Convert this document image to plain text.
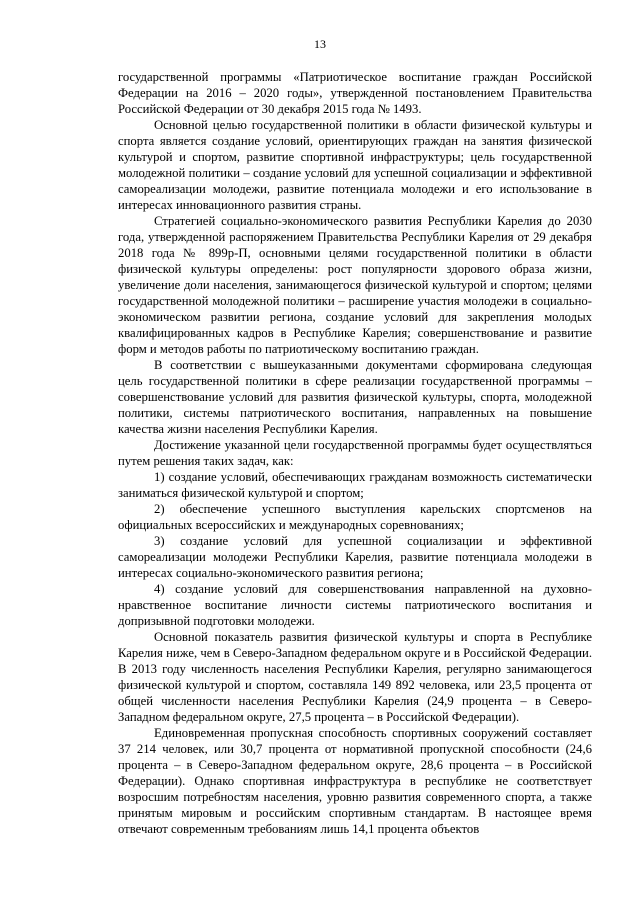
13

государственной программы «Патриотическое воспитание граждан Российской Федерации на 2016 – 2020 годы», утвержденной постановлением Правительства Российской Федерации от 30 декабря 2015 года № 1493.

Основной целью государственной политики в области физической культуры и спорта является создание условий, ориентирующих граждан на занятия физической культурой и спортом, развитие спортивной инфраструктуры; цель государственной молодежной политики – создание условий для успешной социализации и эффективной самореализации молодежи, развитие потенциала молодежи и его использование в интересах инновационного развития страны.

Стратегией социально-экономического развития Республики Карелия до 2030 года, утвержденной распоряжением Правительства Республики Карелия от 29 декабря 2018 года № 899р-П, основными целями государственной политики в области физической культуры определены: рост популярности здорового образа жизни, увеличение доли населения, занимающегося физической культурой и спортом; целями государственной молодежной политики – расширение участия молодежи в социально-экономическом развитии региона, создание условий для закрепления молодых квалифицированных кадров в Республике Карелия; совершенствование и развитие форм и методов работы по патриотическому воспитанию граждан.

В соответствии с вышеуказанными документами сформирована следующая цель государственной политики в сфере реализации государственной программы – совершенствование условий для развития физической культуры, спорта, молодежной политики, системы патриотического воспитания, направленных на повышение качества жизни населения Республики Карелия.

Достижение указанной цели государственной программы будет осуществляться путем решения таких задач, как:

1) создание условий, обеспечивающих гражданам возможность систематически заниматься физической культурой и спортом;

2) обеспечение успешного выступления карельских спортсменов на официальных всероссийских и международных соревнованиях;

3) создание условий для успешной социализации и эффективной самореализации молодежи Республики Карелия, развитие потенциала молодежи в интересах социально-экономического развития региона;

4) создание условий для совершенствования направленной на духовно-нравственное воспитание личности системы патриотического воспитания и допризывной подготовки молодежи.

Основной показатель развития физической культуры и спорта в Республике Карелия ниже, чем в Северо-Западном федеральном округе и в Российской Федерации. В 2013 году численность населения Республики Карелия, регулярно занимающегося физической культурой и спортом, составляла 149 892 человека, или 23,5 процента от общей численности населения Республики Карелия (24,9 процента – в Северо-Западном федеральном округе, 27,5 процента – в Российской Федерации).

Единовременная пропускная способность спортивных сооружений составляет 37 214 человек, или 30,7 процента от нормативной пропускной способности (24,6 процента – в Северо-Западном федеральном округе, 28,6 процента – в Российской Федерации). Однако спортивная инфраструктура в республике не соответствует возросшим потребностям населения, уровню развития современного спорта, а также принятым мировым и российским спортивным стандартам. В настоящее время отвечают современным требованиям лишь 14,1 процента объектов
